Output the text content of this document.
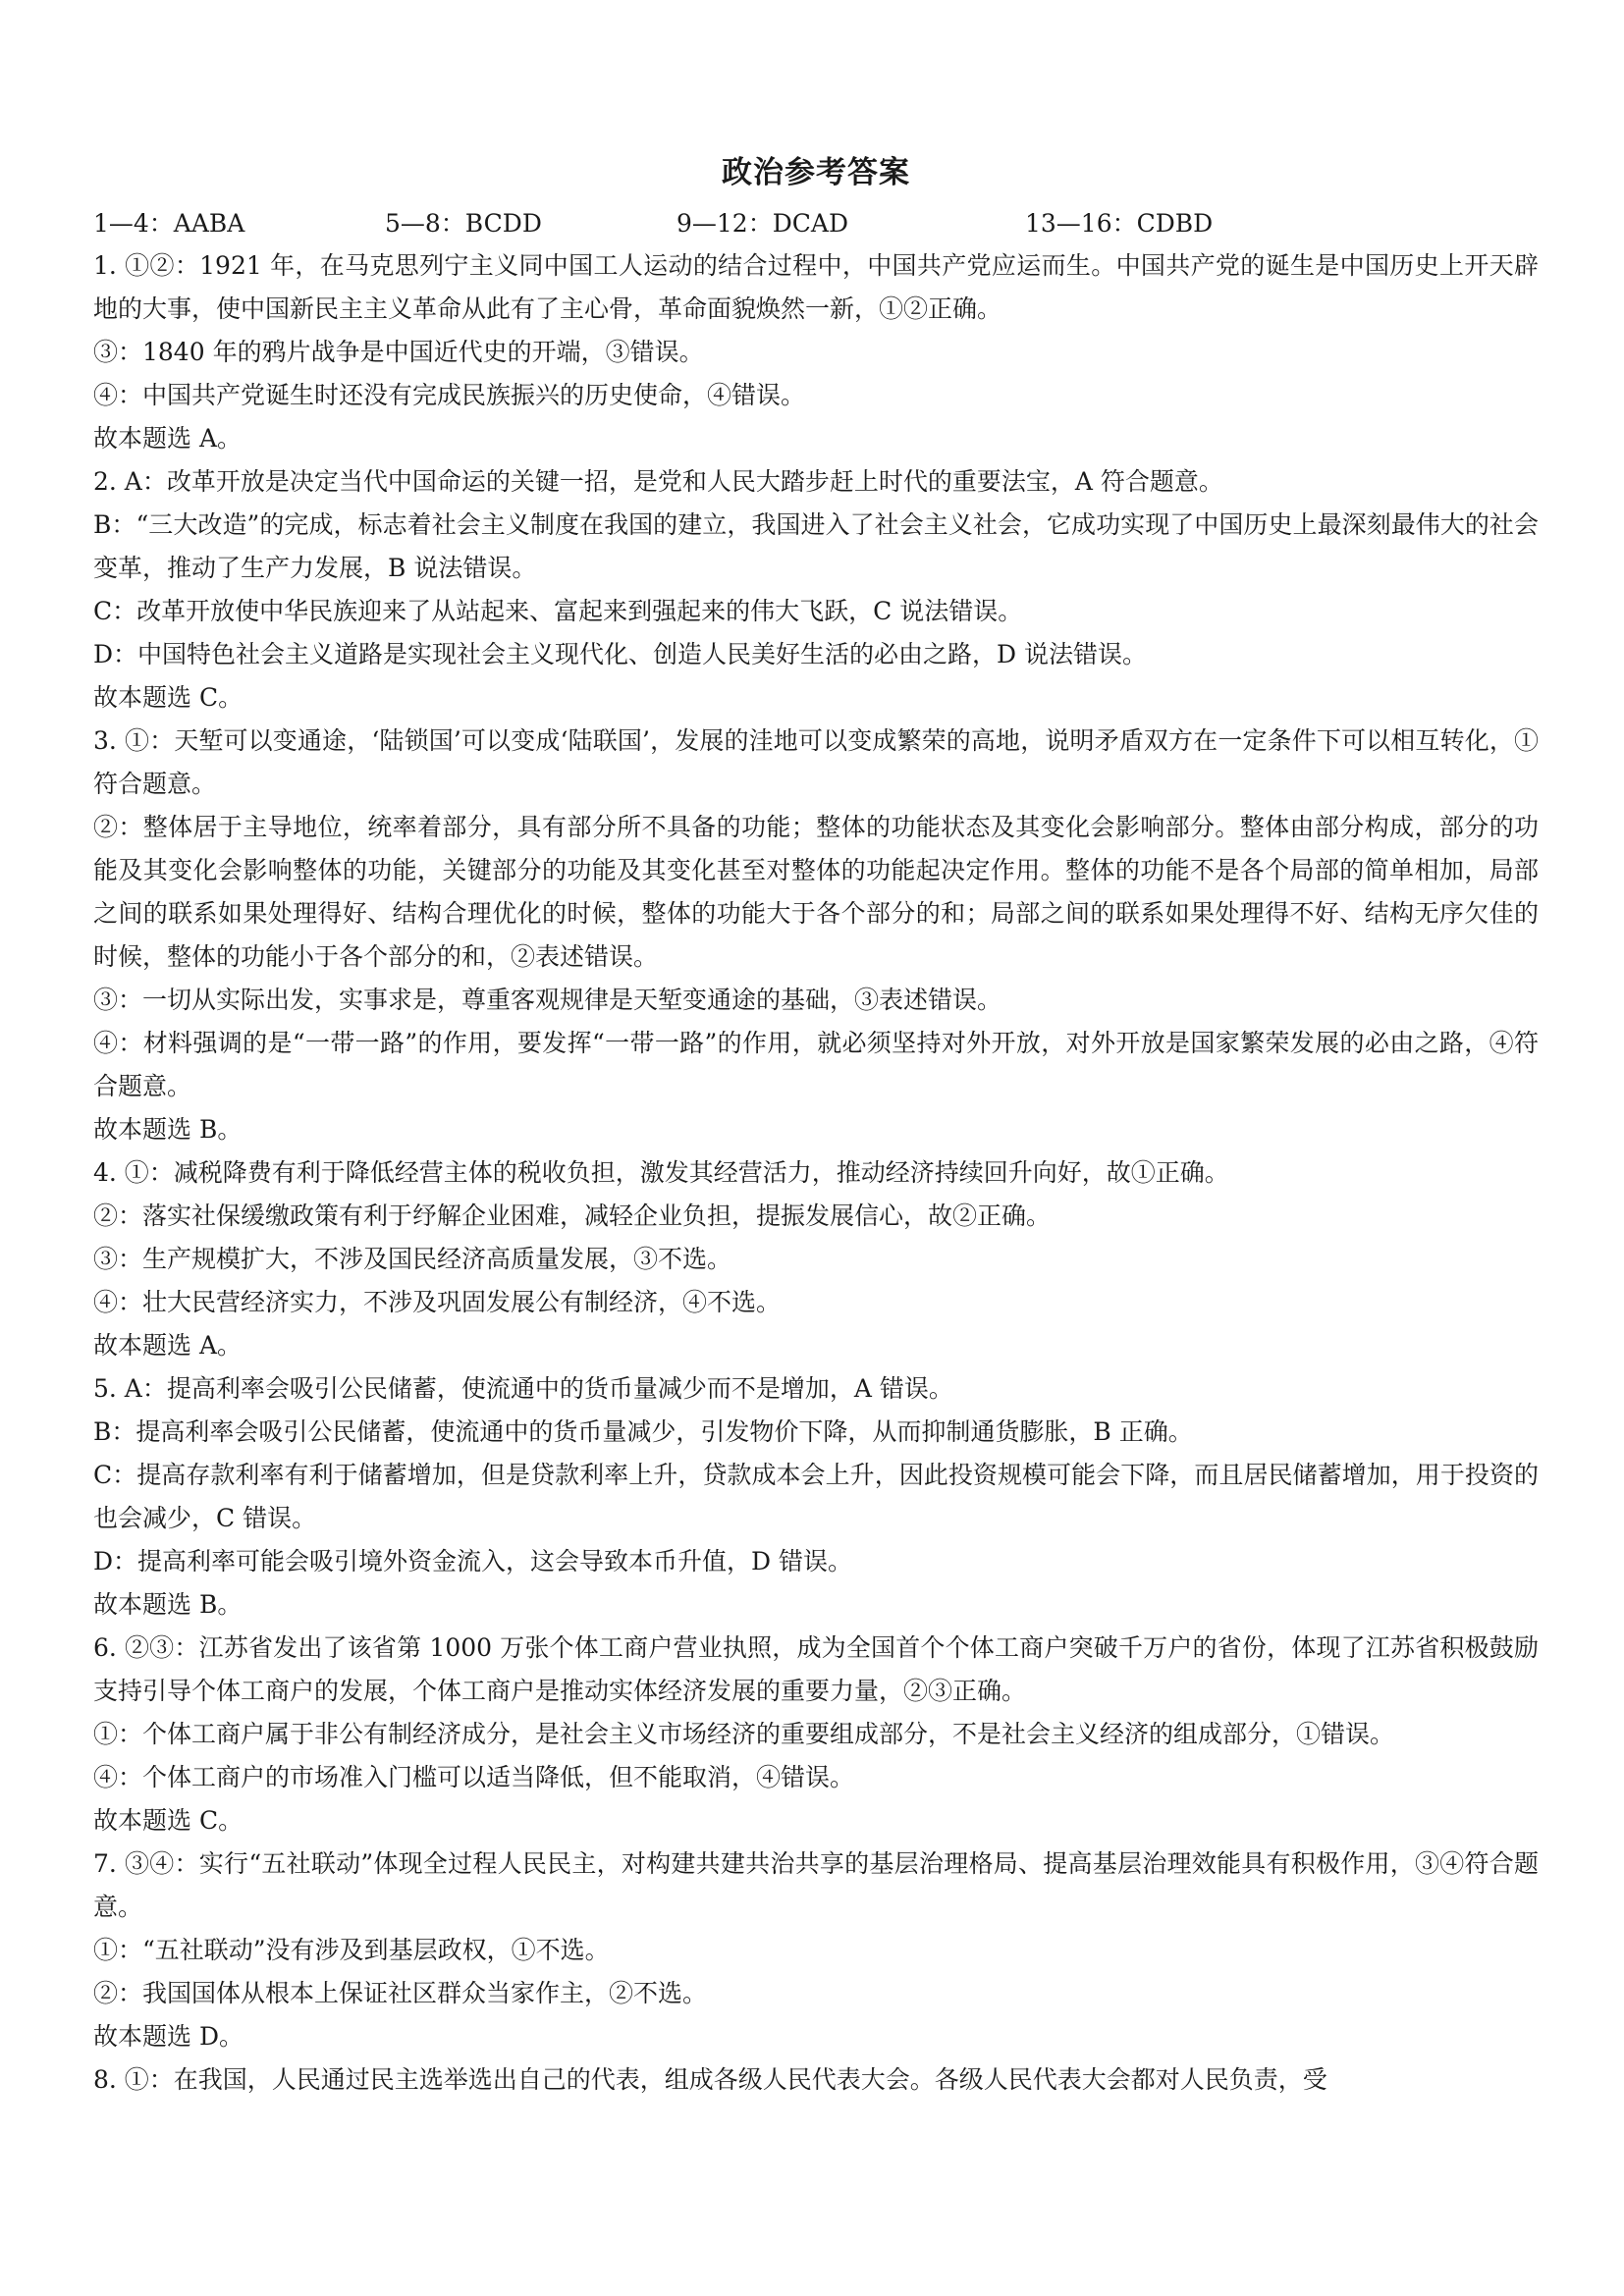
政治参考答案
1—4：AABA	5—8：BCDD	9—12：DCAD	13—16：CDBD

1. ①②：1921 年，在马克思列宁主义同中国工人运动的结合过程中，中国共产党应运而生。中国共产党的诞生是中国历史上开天辟地的大事，使中国新民主主义革命从此有了主心骨，革命面貌焕然一新，①②正确。

③：1840 年的鸦片战争是中国近代史的开端，③错误。

④：中国共产党诞生时还没有完成民族振兴的历史使命，④错误。

故本题选 A。

2. A：改革开放是决定当代中国命运的关键一招，是党和人民大踏步赶上时代的重要法宝，A 符合题意。

B：“三大改造”的完成，标志着社会主义制度在我国的建立，我国进入了社会主义社会，它成功实现了中国历史上最深刻最伟大的社会变革，推动了生产力发展，B 说法错误。

C：改革开放使中华民族迎来了从站起来、富起来到强起来的伟大飞跃，C 说法错误。

D：中国特色社会主义道路是实现社会主义现代化、创造人民美好生活的必由之路，D 说法错误。

故本题选 C。

3. ①：天堑可以变通途，‘陆锁国’可以变成‘陆联国’，发展的洼地可以变成繁荣的高地，说明矛盾双方在一定条件下可以相互转化，①符合题意。

②：整体居于主导地位，统率着部分，具有部分所不具备的功能；整体的功能状态及其变化会影响部分。整体由部分构成，部分的功能及其变化会影响整体的功能，关键部分的功能及其变化甚至对整体的功能起决定作用。整体的功能不是各个局部的简单相加，局部之间的联系如果处理得好、结构合理优化的时候，整体的功能大于各个部分的和；局部之间的联系如果处理得不好、结构无序欠佳的时候，整体的功能小于各个部分的和，②表述错误。

③：一切从实际出发，实事求是，尊重客观规律是天堑变通途的基础，③表述错误。

④：材料强调的是“一带一路”的作用，要发挥“一带一路”的作用，就必须坚持对外开放，对外开放是国家繁荣发展的必由之路，④符合题意。

故本题选 B。

4. ①：减税降费有利于降低经营主体的税收负担，激发其经营活力，推动经济持续回升向好，故①正确。

②：落实社保缓缴政策有利于纾解企业困难，减轻企业负担，提振发展信心，故②正确。

③：生产规模扩大，不涉及国民经济高质量发展，③不选。

④：壮大民营经济实力，不涉及巩固发展公有制经济，④不选。

故本题选 A。

5. A：提高利率会吸引公民储蓄，使流通中的货币量减少而不是增加，A 错误。

B：提高利率会吸引公民储蓄，使流通中的货币量减少，引发物价下降，从而抑制通货膨胀，B 正确。

C：提高存款利率有利于储蓄增加，但是贷款利率上升，贷款成本会上升，因此投资规模可能会下降，而且居民储蓄增加，用于投资的也会减少，C 错误。

D：提高利率可能会吸引境外资金流入，这会导致本币升值，D 错误。

故本题选 B。

6. ②③：江苏省发出了该省第 1000 万张个体工商户营业执照，成为全国首个个体工商户突破千万户的省份，体现了江苏省积极鼓励支持引导个体工商户的发展，个体工商户是推动实体经济发展的重要力量，②③正确。

①：个体工商户属于非公有制经济成分，是社会主义市场经济的重要组成部分，不是社会主义经济的组成部分，①错误。

④：个体工商户的市场准入门槛可以适当降低，但不能取消，④错误。

故本题选 C。

7. ③④：实行“五社联动”体现全过程人民民主，对构建共建共治共享的基层治理格局、提高基层治理效能具有积极作用，③④符合题意。

①：“五社联动”没有涉及到基层政权，①不选。

②：我国国体从根本上保证社区群众当家作主，②不选。

故本题选 D。

8. ①：在我国，人民通过民主选举选出自己的代表，组成各级人民代表大会。各级人民代表大会都对人民负责，受
